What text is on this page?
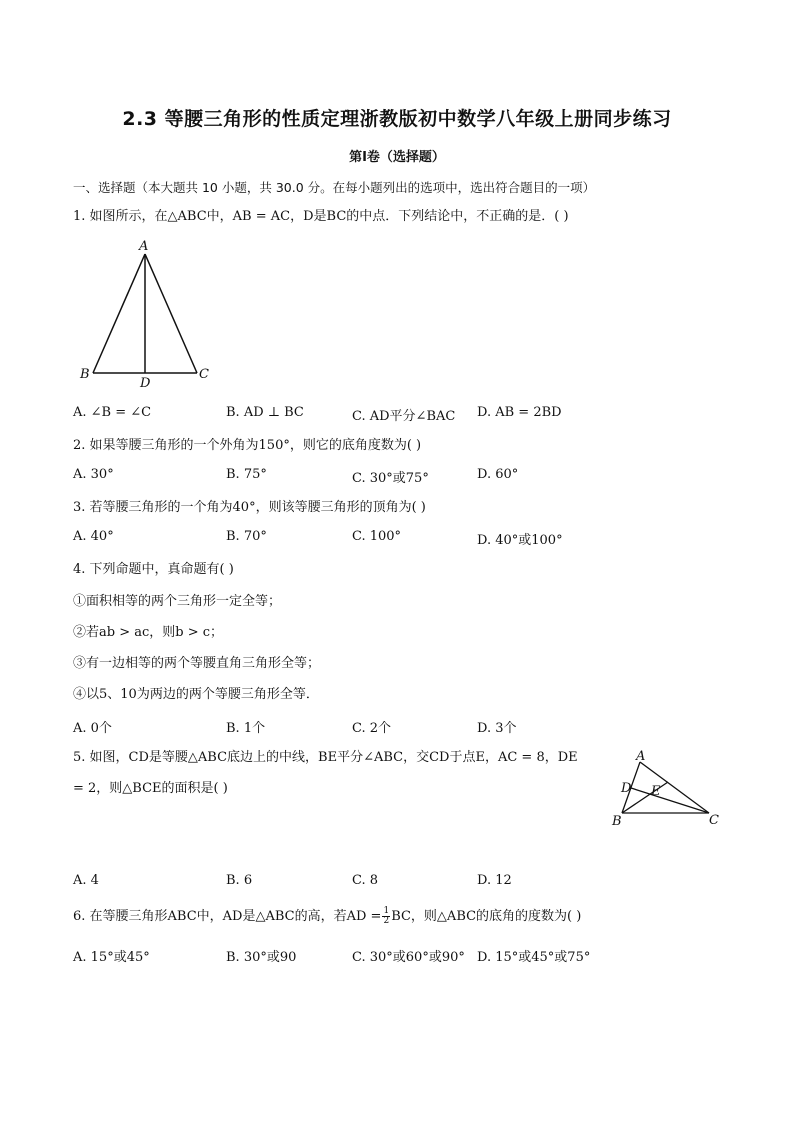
2.3 等腰三角形的性质定理浙教版初中数学八年级上册同步练习
第I卷（选择题）
一、选择题（本大题共 10 小题，共 30.0 分。在每小题列出的选项中，选出符合题目的一项）
1. 如图所示，在△ABC中，AB = AC，D是BC的中点．下列结论中，不正确的是．( )
A
B	C
D
A. ∠B = ∠C	B. AD ⊥ BC	C. AD平分∠BAC D. AB = 2BD
2. 如果等腰三角形的一个外角为150°，则它的底角度数为( )
A. 30°	B. 75°	C. 30°或75°	D. 60°
3. 若等腰三角形的一个角为40°，则该等腰三角形的顶角为( )
A. 40°	B. 70°	C. 100°	D. 40°或100°
4. 下列命题中，真命题有( )
①面积相等的两个三角形一定全等；
②若ab > ac，则b > c；
③有一边相等的两个等腰直角三角形全等；
④以5、10为两边的两个等腰三角形全等．
A. 0个	B. 1个	C. 2个	D. 3个
5. 如图，CD是等腰△ABC底边上的中线，BE平分∠ABC，交CD于点E，AC = 8，DE
= 2，则△BCE的面积是( )
A
B	C
D E
A. 4	B. 6	C. 8	D. 12
6. 在等腰三角形ABC中，AD是△ABC的高，若AD = $\frac{1}{2}$ BC，则△ABC的底角的度数为( )
A. 15°或45°	B. 30°或90	C. 30°或60°或90° D. 15°或45°或75°
